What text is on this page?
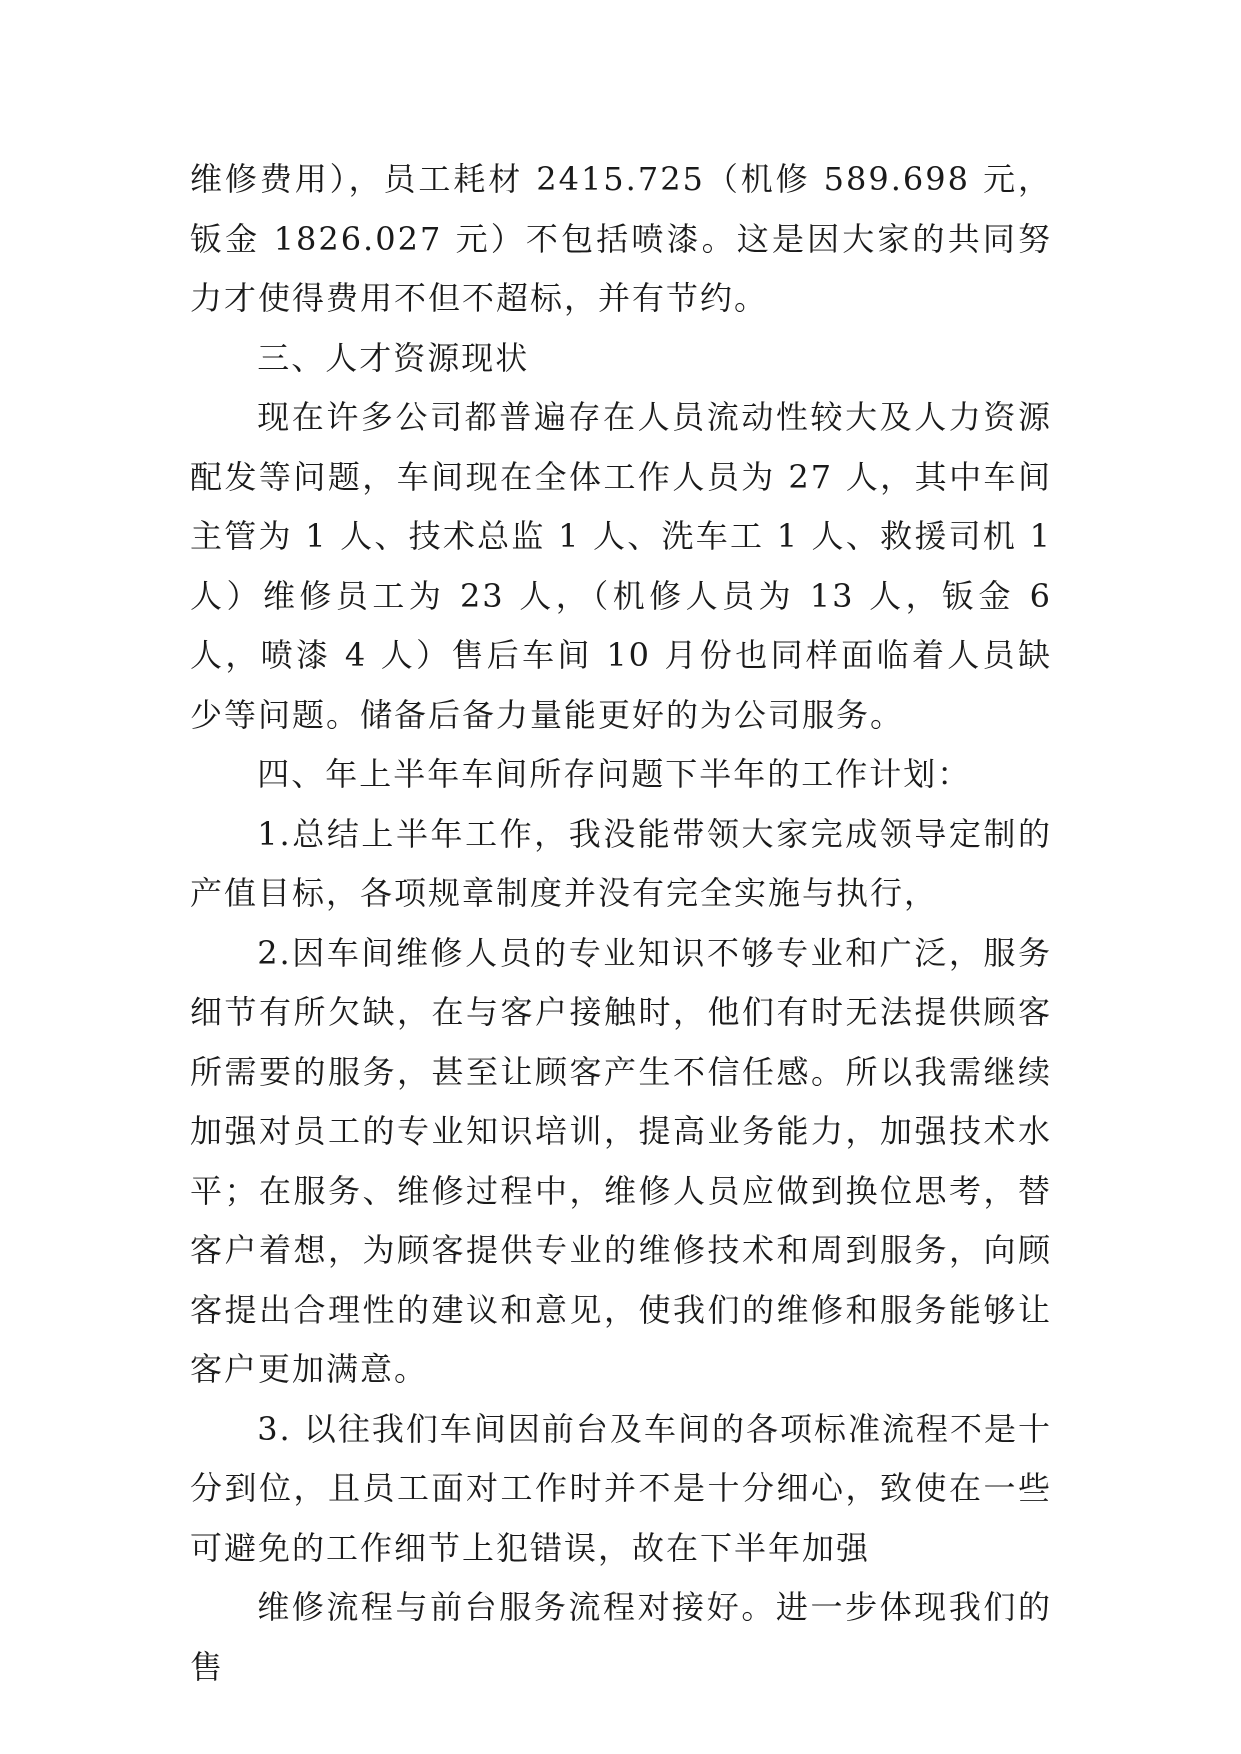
维修费用），员工耗材 2415.725（机修 589.698 元，钣金 1826.027 元）不包括喷漆。这是因大家的共同努力才使得费用不但不超标，并有节约。

三、人才资源现状

现在许多公司都普遍存在人员流动性较大及人力资源配发等问题，车间现在全体工作人员为 27 人，其中车间主管为 1 人、技术总监 1 人、洗车工 1 人、救援司机 1 人）维修员工为 23 人，（机修人员为 13 人，钣金 6 人，喷漆 4 人）售后车间 10 月份也同样面临着人员缺少等问题。储备后备力量能更好的为公司服务。

四、年上半年车间所存问题下半年的工作计划：

1.总结上半年工作，我没能带领大家完成领导定制的产值目标，各项规章制度并没有完全实施与执行，

2.因车间维修人员的专业知识不够专业和广泛，服务细节有所欠缺，在与客户接触时，他们有时无法提供顾客所需要的服务，甚至让顾客产生不信任感。所以我需继续加强对员工的专业知识培训，提高业务能力，加强技术水平；在服务、维修过程中，维修人员应做到换位思考，替客户着想，为顾客提供专业的维修技术和周到服务，向顾客提出合理性的建议和意见，使我们的维修和服务能够让客户更加满意。

3. 以往我们车间因前台及车间的各项标准流程不是十分到位，且员工面对工作时并不是十分细心，致使在一些可避免的工作细节上犯错误，故在下半年加强

维修流程与前台服务流程对接好。进一步体现我们的售
